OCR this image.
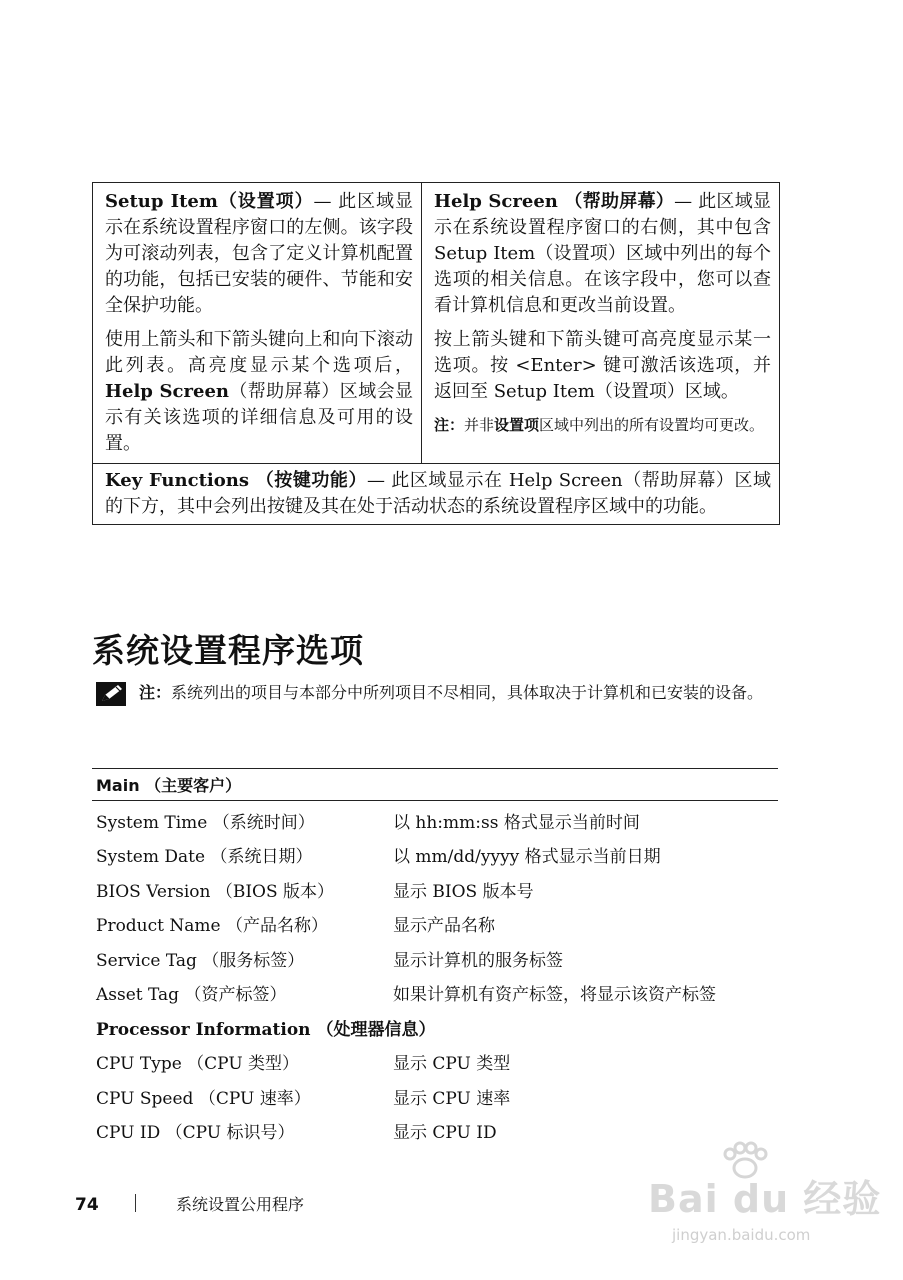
Setup Item（设置项）— 此区域显示在系统设置程序窗口的左侧。该字段为可滚动列表，包含了定义计算机配置的功能，包括已安装的硬件、节能和安全保护功能。

使用上箭头和下箭头键向上和向下滚动此列表。高亮度显示某个选项后，Help Screen（帮助屏幕）区域会显示有关该选项的详细信息及可用的设置。

Help Screen （帮助屏幕）— 此区域显示在系统设置程序窗口的右侧，其中包含 Setup Item（设置项）区域中列出的每个选项的相关信息。在该字段中，您可以查看计算机信息和更改当前设置。

按上箭头键和下箭头键可高亮度显示某一选项。按 <Enter> 键可激活该选项，并返回至 Setup Item（设置项）区域。

注：并非设置项区域中列出的所有设置均可更改。

Key Functions （按键功能）— 此区域显示在 Help Screen（帮助屏幕）区域的下方，其中会列出按键及其在处于活动状态的系统设置程序区域中的功能。

系统设置程序选项
注：系统列出的项目与本部分中所列项目不尽相同，具体取决于计算机和已安装的设备。
Main （主要客户）
System Time （系统时间）	以 hh:mm:ss 格式显示当前时间
System Date （系统日期）	以 mm/dd/yyyy 格式显示当前日期
BIOS Version （BIOS 版本）	显示 BIOS 版本号
Product Name （产品名称）	显示产品名称
Service Tag （服务标签）	显示计算机的服务标签
Asset Tag （资产标签）	如果计算机有资产标签，将显示该资产标签
Processor Information （处理器信息）
CPU Type （CPU 类型）	显示 CPU 类型
CPU Speed （CPU 速率）	显示 CPU 速率
CPU ID （CPU 标识号）	显示 CPU ID
74	系统设置公用程序	Bai du 经验
jingyan.baidu.com
